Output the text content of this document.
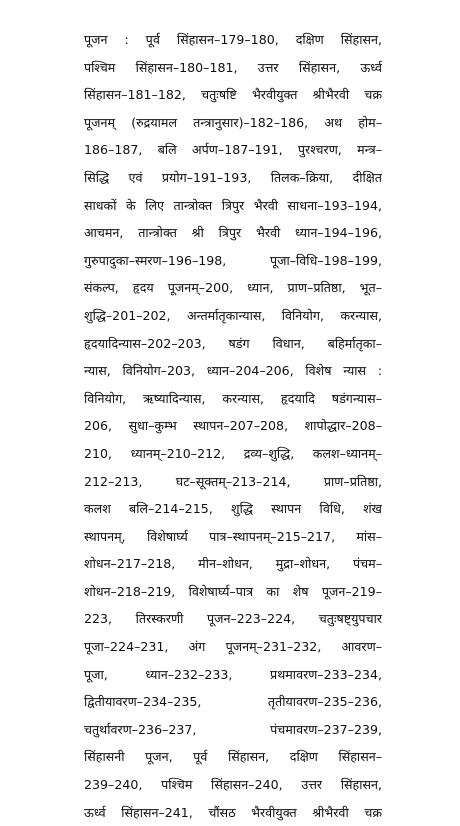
पूजन : पूर्व सिंहासन–179–180, दक्षिण सिंहासन,
पश्चिम सिंहासन–180–181, उत्तर सिंहासन, ऊर्ध्व
सिंहासन–181–182, चतुःषष्टि भैरवीयुक्त श्रीभैरवी चक्र
पूजनम् (रुद्रयामल तन्त्रानुसार)–182–186, अथ होम–
186–187, बलि अर्पण–187–191, पुरश्चरण, मन्त्र–
सिद्धि एवं प्रयोग–191–193, तिलक–क्रिया, दीक्षित
साधकों के लिए तान्त्रोक्त त्रिपुर भैरवी साधना–193–194,
आचमन, तान्त्रोक्त श्री त्रिपुर भैरवी ध्यान–194–196,
गुरुपादुका–स्मरण–196–198, पूजा–विधि–198–199,
संकल्प, हृदय पूजनम्–200, ध्यान, प्राण–प्रतिष्ठा, भूत–
शुद्धि–201–202, अन्तर्मातृकान्यास, विनियोग, करन्यास,
हृदयादिन्यास–202–203, षडंग विधान, बहिर्मातृका–
न्यास, विनियोग–203, ध्यान–204–206, विशेष न्यास :
विनियोग, ऋष्यादिन्यास, करन्यास, हृदयादि षडंगन्यास–
206, सुधा–कुम्भ स्थापन–207–208, शापोद्धार–208–
210, ध्यानम्–210–212, द्रव्य–शुद्धि, कलश–ध्यानम्–
212–213, घट–सूक्तम्–213–214, प्राण–प्रतिष्ठा,
कलश बलि–214–215, शुद्धि स्थापन विधि, शंख
स्थापनम्, विशेषार्घ्य पात्र–स्थापनम्–215–217, मांस–
शोधन–217–218, मीन–शोधन, मुद्रा–शोधन, पंचम–
शोधन–218–219, विशेषार्घ्य–पात्र का शेष पूजन–219–
223, तिरस्करणी पूजन–223–224, चतुःषष्ट्युपचार
पूजा–224–231, अंग पूजनम्–231–232, आवरण–
पूजा, ध्यान–232–233, प्रथमावरण–233–234,
द्वितीयावरण–234–235, तृतीयावरण–235–236,
चतुर्थावरण–236–237, पंचमावरण–237–239,
सिंहासनी पूजन, पूर्व सिंहासन, दक्षिण सिंहासन–
239–240, पश्चिम सिंहासन–240, उत्तर सिंहासन,
ऊर्ध्व सिंहासन–241, चौंसठ भैरवीयुक्त श्रीभैरवी चक्र
